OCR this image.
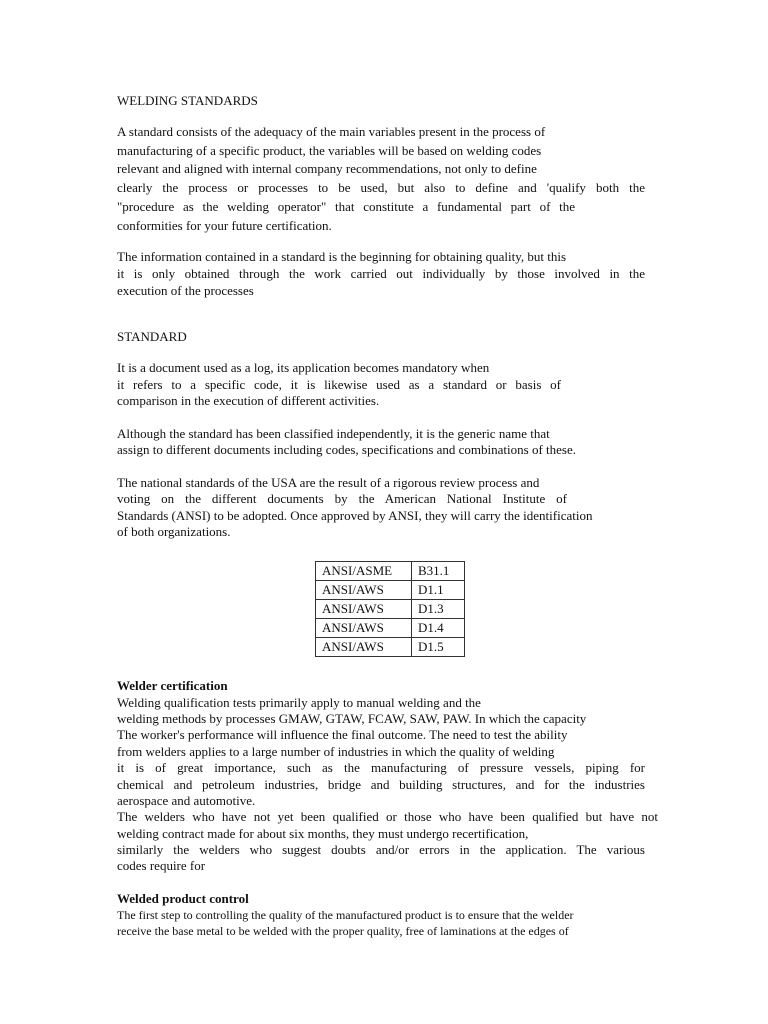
WELDING STANDARDS
A standard consists of the adequacy of the main variables present in the process of
manufacturing of a specific product, the variables will be based on welding codes
relevant and aligned with internal company recommendations, not only to define
clearly the process or processes to be used, but also to define and 'qualify both the
"procedure as the welding operator" that constitute a fundamental part of the
conformities for your future certification.
The information contained in a standard is the beginning for obtaining quality, but this
it is only obtained through the work carried out individually by those involved in the
execution of the processes
STANDARD
It is a document used as a log, its application becomes mandatory when
it refers to a specific code, it is likewise used as a standard or basis of
comparison in the execution of different activities.
Although the standard has been classified independently, it is the generic name that
assign to different documents including codes, specifications and combinations of these.
The national standards of the USA are the result of a rigorous review process and
voting on the different documents by the American National Institute of
Standards (ANSI) to be adopted. Once approved by ANSI, they will carry the identification
of both organizations.
ANSI/ASME	B31.1
ANSI/AWS	D1.1
ANSI/AWS	D1.3
ANSI/AWS	D1.4
ANSI/AWS	D1.5
Welder certification
Welding qualification tests primarily apply to manual welding and the
welding methods by processes GMAW, GTAW, FCAW, SAW, PAW. In which the capacity
The worker's performance will influence the final outcome. The need to test the ability
from welders applies to a large number of industries in which the quality of welding
it is of great importance, such as the manufacturing of pressure vessels, piping for
chemical and petroleum industries, bridge and building structures, and for the industries
aerospace and automotive.
The welders who have not yet been qualified or those who have been qualified but have not
welding contract made for about six months, they must undergo recertification,
similarly the welders who suggest doubts and/or errors in the application. The various
codes require for
Welded product control
The first step to controlling the quality of the manufactured product is to ensure that the welder
receive the base metal to be welded with the proper quality, free of laminations at the edges of
